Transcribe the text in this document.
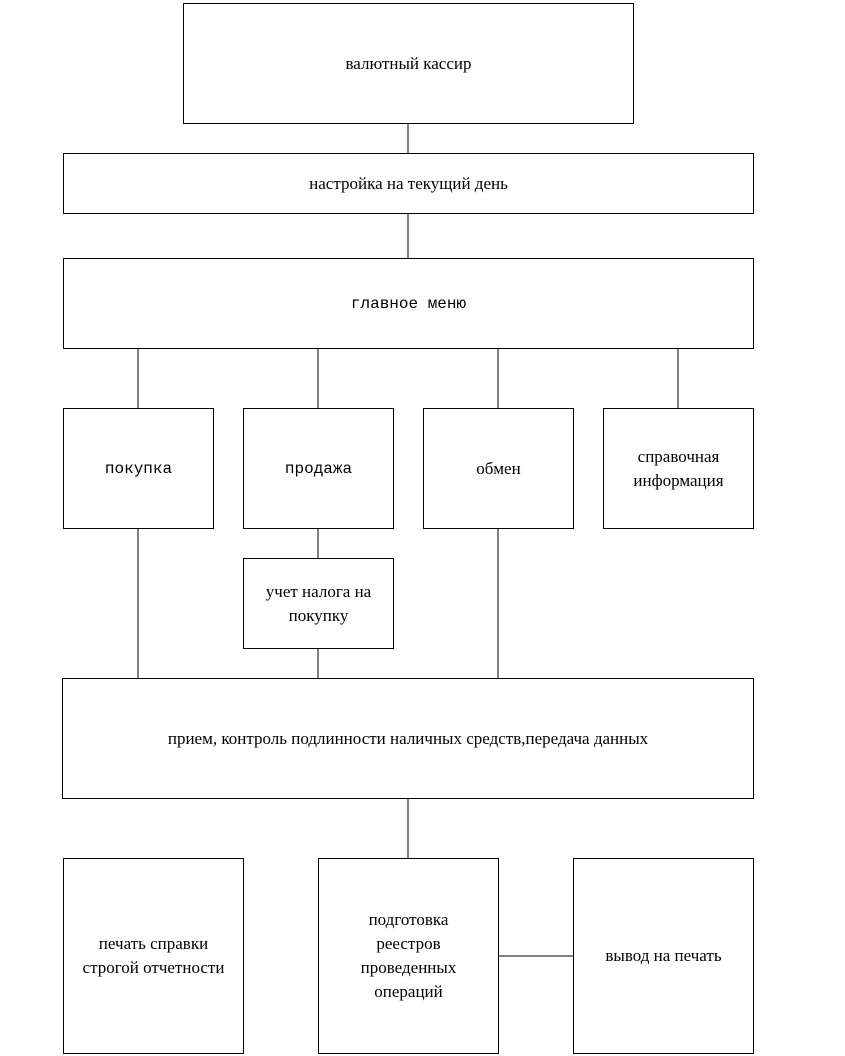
валютный кассир
настройка на текущий день
главное меню
покупка	продажа	обмен
справочная информация
учет налога на покупку
прием, контроль подлинности наличных средств,передача данных
печать справки строгой отчетности
подготовка реестров проведенных операций
вывод на печать
